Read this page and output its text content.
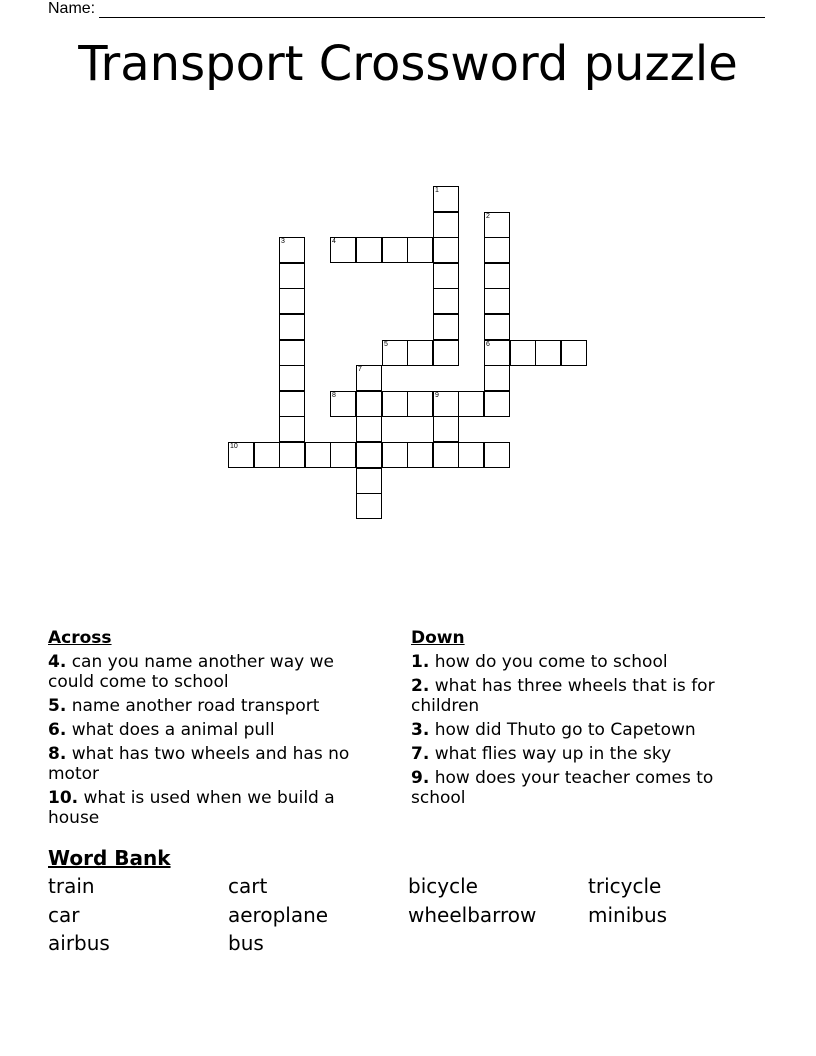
Name:
Transport Crossword puzzle
1
2
3	4
5	6
7
8	9
10
Across
4. can you name another way we could come to school
5. name another road transport
6. what does a animal pull
8. what has two wheels and has no motor
10. what is used when we build a house
Down
1. how do you come to school
2. what has three wheels that is for children
3. how did Thuto go to Capetown
7. what flies way up in the sky
9. how does your teacher comes to school
Word Bank
train	cart	bicycle	tricycle
car	aeroplane	wheelbarrow	minibus
airbus	bus
